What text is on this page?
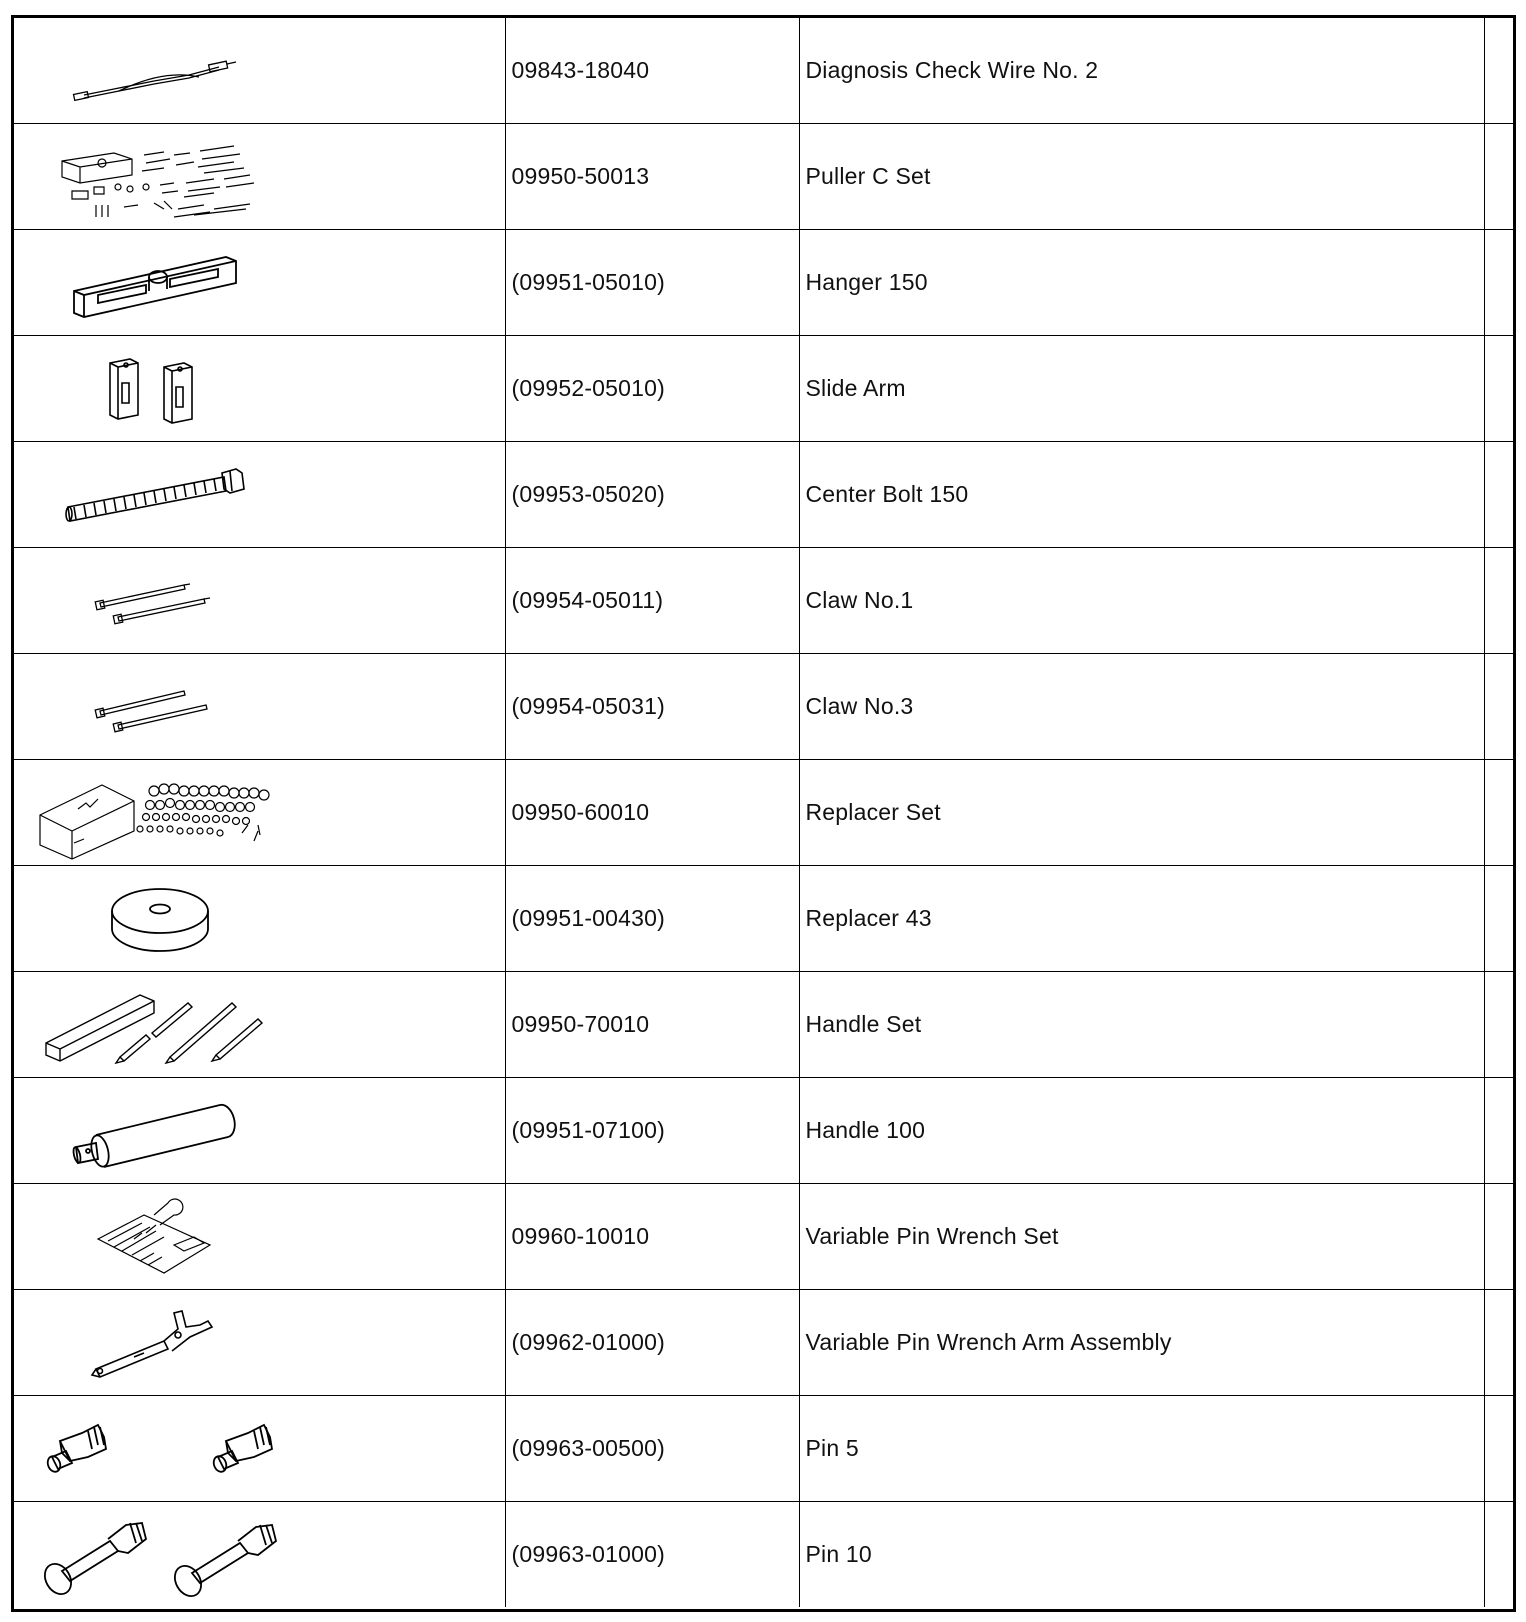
09843-18040	Diagnosis Check Wire No. 2	

09950-50013	Puller C Set	

(09951-05010)	Hanger 150	

(09952-05010)	Slide Arm	

(09953-05020)	Center Bolt 150	

(09954-05011)	Claw No.1	

(09954-05031)	Claw No.3	

09950-60010	Replacer Set	

(09951-00430)	Replacer 43	

09950-70010	Handle Set	

(09951-07100)	Handle 100	

09960-10010	Variable Pin Wrench Set	

(09962-01000)	Variable Pin Wrench Arm Assembly	

(09963-00500)	Pin 5	

(09963-01000)	Pin 10	
